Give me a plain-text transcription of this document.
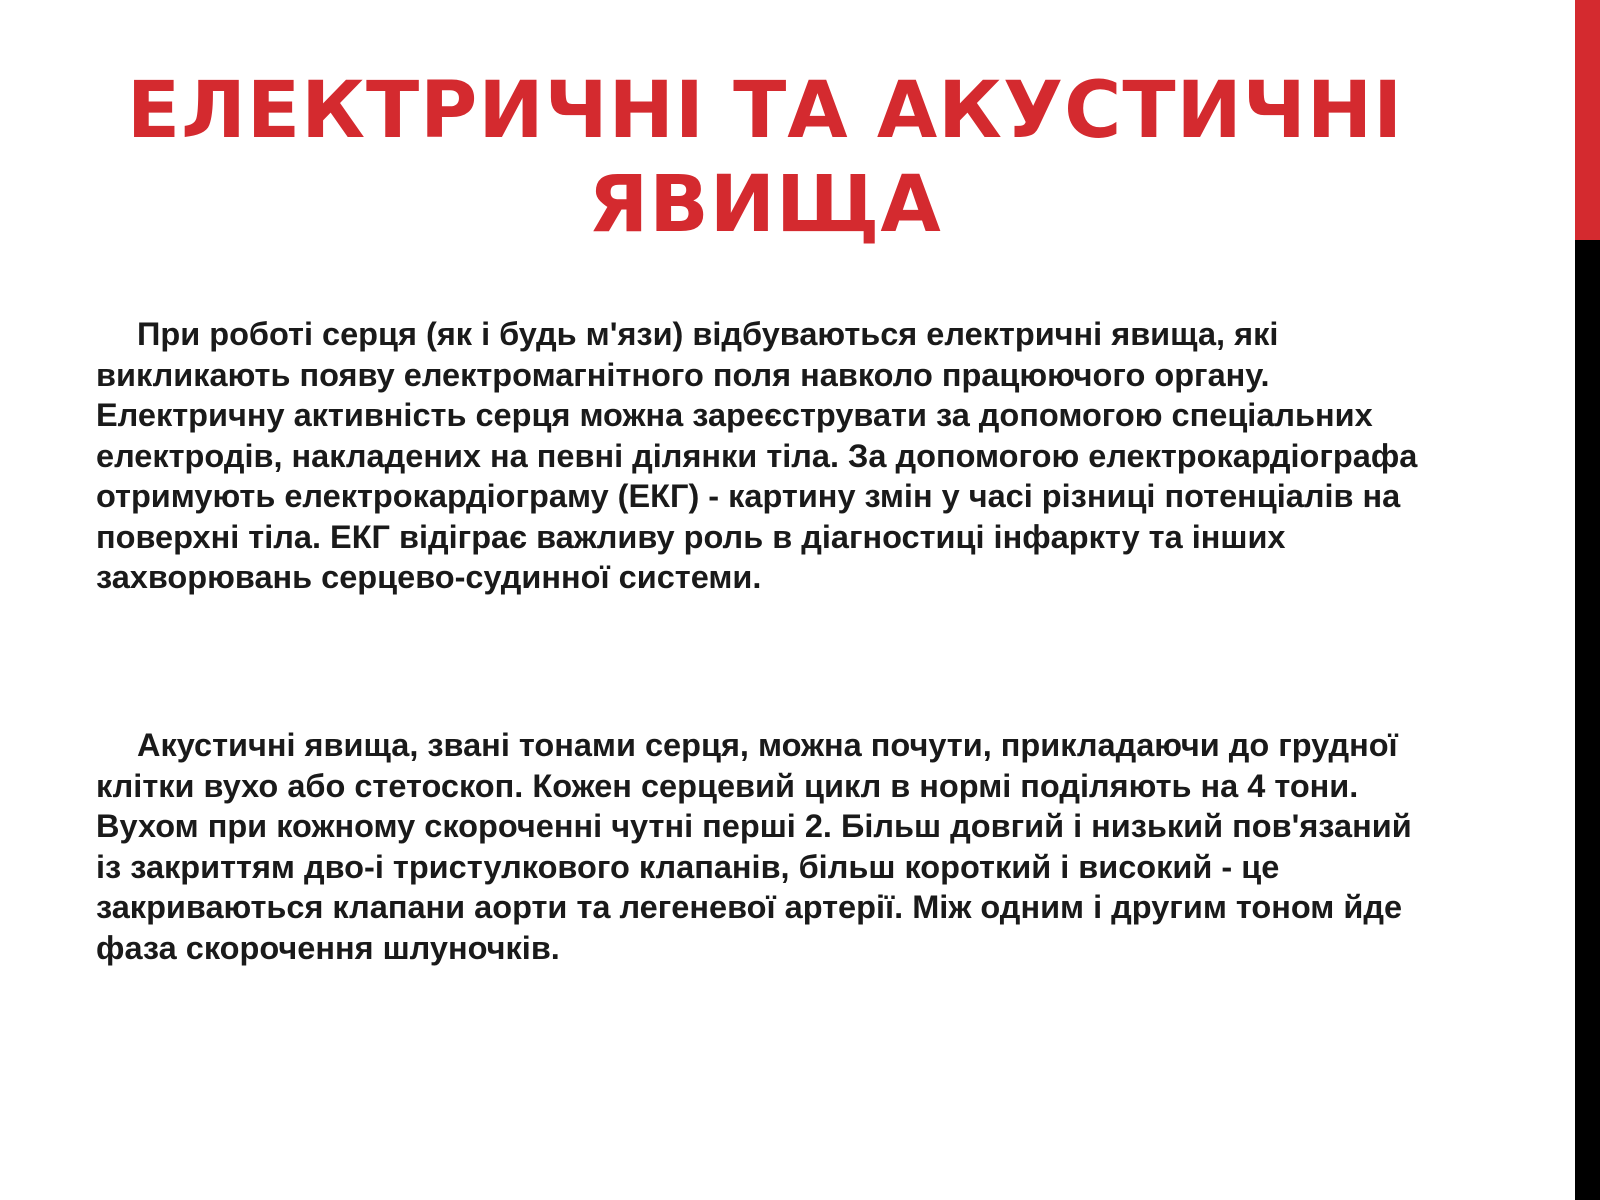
ЕЛЕКТРИЧНІ ТА АКУСТИЧНІ ЯВИЩА

При роботі серця (як і будь м'язи) відбуваються електричні явища, які викликають появу електромагнітного поля навколо працюючого органу. Електричну активність серця можна зареєструвати за допомогою спеціальних електродів, накладених на певні ділянки тіла. За допомогою електрокардіографа отримують електрокардіограму (ЕКГ) - картину змін у часі різниці потенціалів на поверхні тіла. ЕКГ відіграє важливу роль в діагностиці інфаркту та інших захворювань серцево-судинної системи.

Акустичні явища, звані тонами серця, можна почути, прикладаючи до грудної клітки вухо або стетоскоп. Кожен серцевий цикл в нормі поділяють на 4 тони. Вухом при кожному скороченні чутні перші 2. Більш довгий і низький пов'язаний із закриттям дво-і тристулкового клапанів, більш короткий і високий - це закриваються клапани аорти та легеневої артерії. Між одним і другим тоном йде фаза скорочення шлуночків.
